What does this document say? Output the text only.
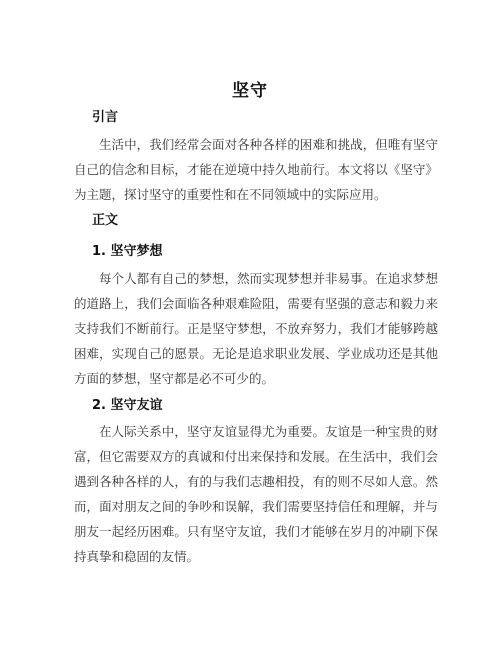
坚守
引言

生活中，我们经常会面对各种各样的困难和挑战，但唯有坚守自己的信念和目标，才能在逆境中持久地前行。本文将以《坚守》为主题，探讨坚守的重要性和在不同领域中的实际应用。

正文
1. 坚守梦想

每个人都有自己的梦想，然而实现梦想并非易事。在追求梦想的道路上，我们会面临各种艰难险阻，需要有坚强的意志和毅力来支持我们不断前行。正是坚守梦想，不放弃努力，我们才能够跨越困难，实现自己的愿景。无论是追求职业发展、学业成功还是其他方面的梦想，坚守都是必不可少的。

2. 坚守友谊

在人际关系中，坚守友谊显得尤为重要。友谊是一种宝贵的财富，但它需要双方的真诚和付出来保持和发展。在生活中，我们会遇到各种各样的人，有的与我们志趣相投，有的则不尽如人意。然而，面对朋友之间的争吵和误解，我们需要坚持信任和理解，并与朋友一起经历困难。只有坚守友谊，我们才能够在岁月的冲刷下保持真挚和稳固的友情。
